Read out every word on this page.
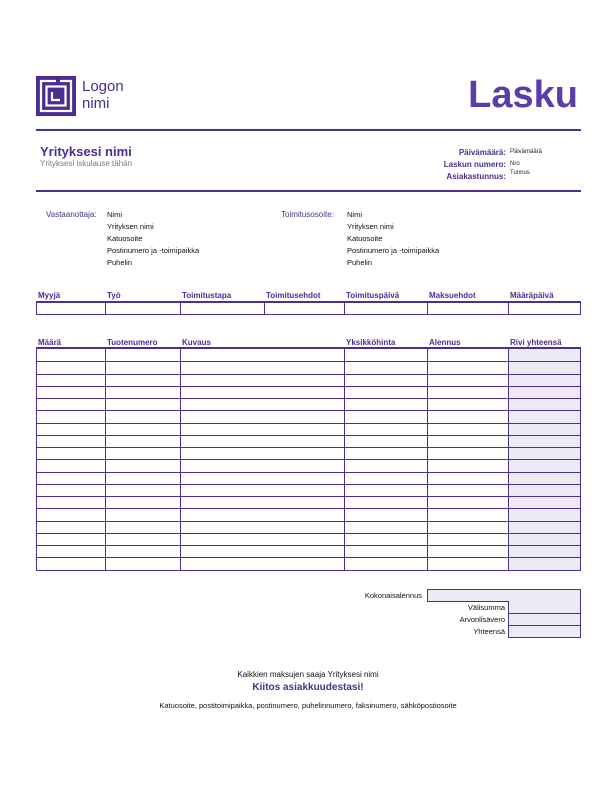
Logon
nimi	Lasku
Yrityksesi nimi
Yrityksesi iskulause tähän
Päivämäärä: Päivämäärä
Laskun numero: Nro
Asiakastunnus: Tunnus
Vastaanottaja: Nimi
Yrityksen nimi
Katuosoite
Postinumero ja -toimipaikka
Puhelin
Toimitusosoite: Nimi
Yrityksen nimi
Katuosoite
Postinumero ja -toimipaikka
Puhelin
Myyjä	Työ	Toimitustapa	Toimitusehdot	Toimituspäivä	Maksuehdot	Määräpäivä
Määrä	Tuotenumero	Kuvaus	Yksikköhinta	Alennus	Rivi yhteensä
Kokonaisalennus
Välisumma
Arvonlisävero
Yhteensä
Kaikkien maksujen saaja Yrityksesi nimi
Kiitos asiakkuudestasi!
Katuosoite, postitoimipaikka, postinumero, puhelinnumero, faksinumero, sähköpostiosoite
